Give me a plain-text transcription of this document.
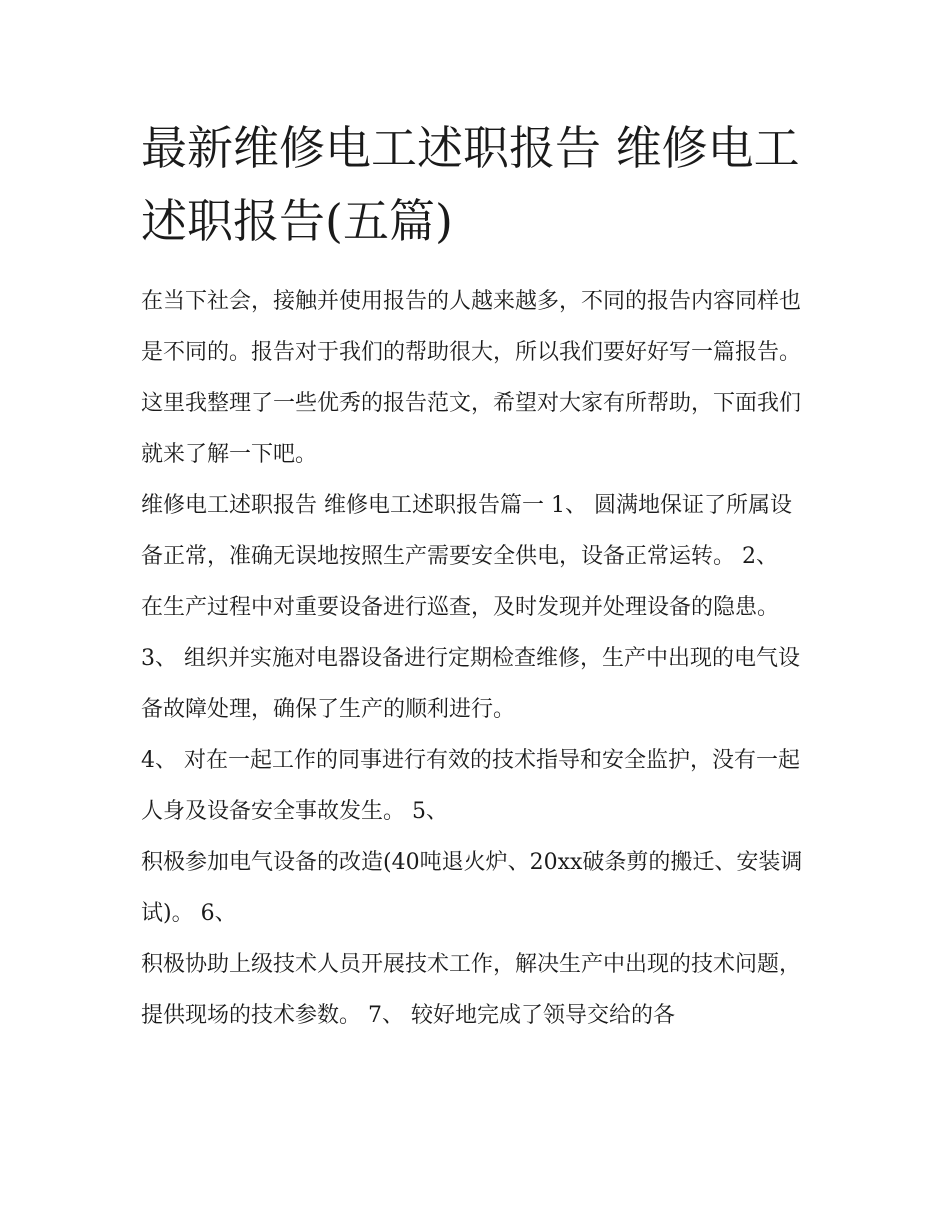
最新维修电工述职报告 维修电工述职报告(五篇)

在当下社会，接触并使用报告的人越来越多，不同的报告内容同样也是不同的。报告对于我们的帮助很大，所以我们要好好写一篇报告。这里我整理了一些优秀的报告范文，希望对大家有所帮助，下面我们就来了解一下吧。

维修电工述职报告 维修电工述职报告篇一 1、 圆满地保证了所属设备正常，准确无误地按照生产需要安全供电，设备正常运转。 2、

在生产过程中对重要设备进行巡查，及时发现并处理设备的隐患。 3、 组织并实施对电器设备进行定期检查维修，生产中出现的电气设备故障处理，确保了生产的顺利进行。

4、 对在一起工作的同事进行有效的技术指导和安全监护，没有一起人身及设备安全事故发生。 5、

积极参加电气设备的改造(40吨退火炉、20xx破条剪的搬迁、安装调试)。 6、

积极协助上级技术人员开展技术工作，解决生产中出现的技术问题，提供现场的技术参数。 7、 较好地完成了领导交给的各
